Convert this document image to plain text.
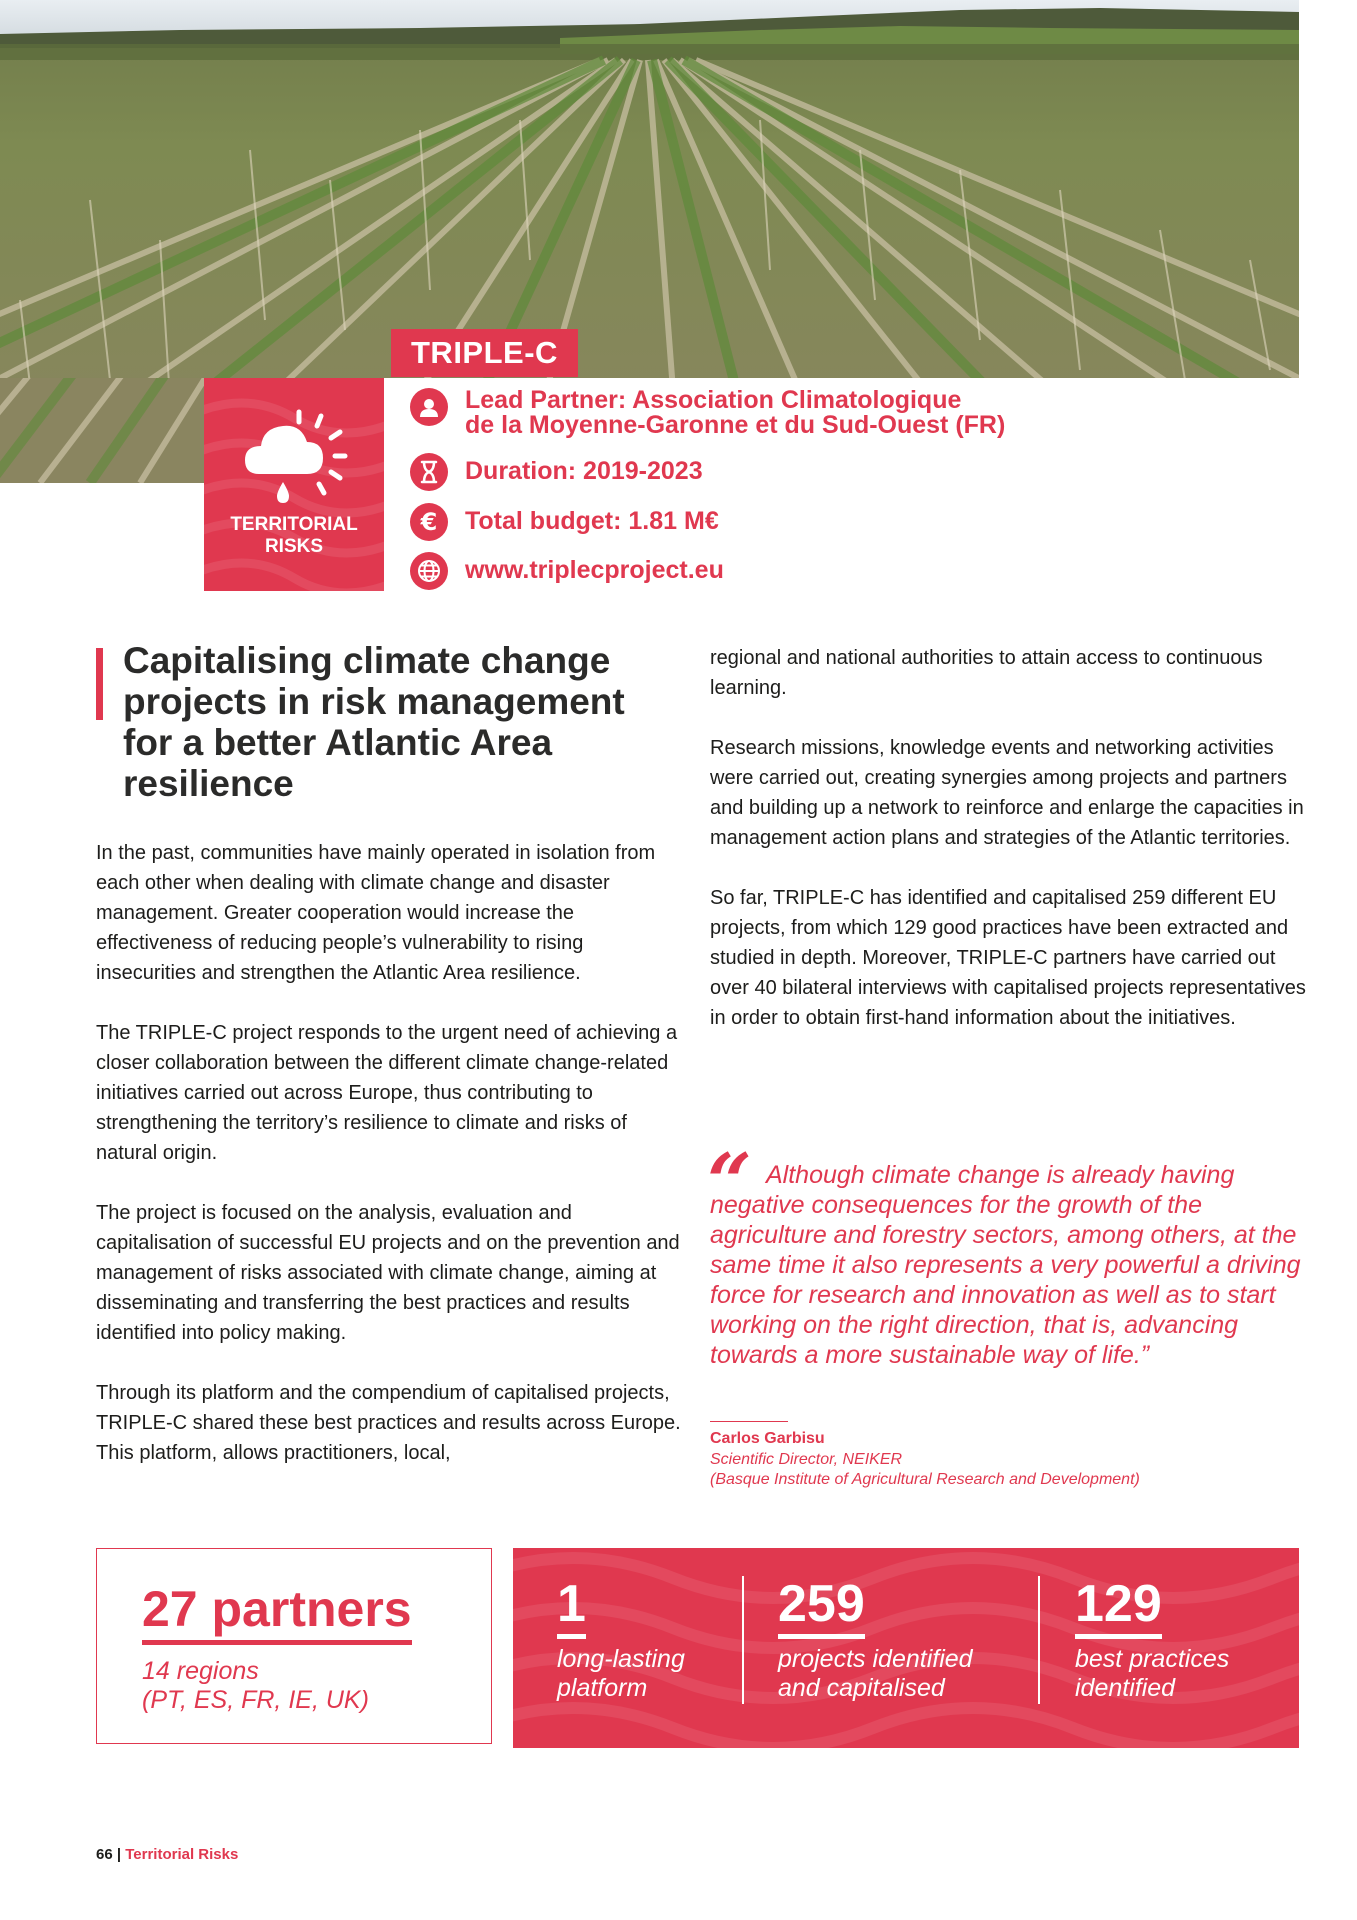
TRIPLE-C
TERRITORIAL
RISKS
Lead Partner: Association Climatologique
de la Moyenne-Garonne et du Sud-Ouest (FR)
Duration: 2019-2023
€ Total budget: 1.81 M€
www.triplecproject.eu
Capitalising climate change projects in risk management for a better Atlantic Area resilience

In the past, communities have mainly operated in isolation from each other when dealing with climate change and disaster management. Greater cooperation would increase the effectiveness of reducing people’s vulnerability to rising insecurities and strengthen the Atlantic Area resilience.

The TRIPLE-C project responds to the urgent need of achieving a closer collaboration between the different climate change-related initiatives carried out across Europe, thus contributing to strengthening the territory’s resilience to climate and risks of natural origin.

The project is focused on the analysis, evaluation and capitalisation of successful EU projects and on the prevention and management of risks associated with climate change, aiming at disseminating and transferring the best practices and results identified into policy making.

Through its platform and the compendium of capitalised projects, TRIPLE-C shared these best practices and results across Europe. This platform, allows practitioners, local,

regional and national authorities to attain access to continuous learning.

Research missions, knowledge events and networking activities were carried out, creating synergies among projects and partners and building up a network to reinforce and enlarge the capacities in management action plans and strategies of the Atlantic territories.

So far, TRIPLE-C has identified and capitalised 259 different EU projects, from which 129 good practices have been extracted and studied in depth. Moreover, TRIPLE-C partners have carried out over 40 bilateral interviews with capitalised projects representatives in order to obtain first-hand information about the initiatives.

“ Although climate change is already having negative consequences for the growth of the agriculture and forestry sectors, among others, at the same time it also represents a very powerful a driving force for research and innovation as well as to start working on the right direction, that is, advancing towards a more sustainable way of life.”
Carlos Garbisu
Scientific Director, NEIKER
(Basque Institute of Agricultural Research and Development)
27 partners
14 regions
(PT, ES, FR, IE, UK)
1
long-lasting
platform
259
projects identified
and capitalised
129
best practices
identified
66 | Territorial Risks
